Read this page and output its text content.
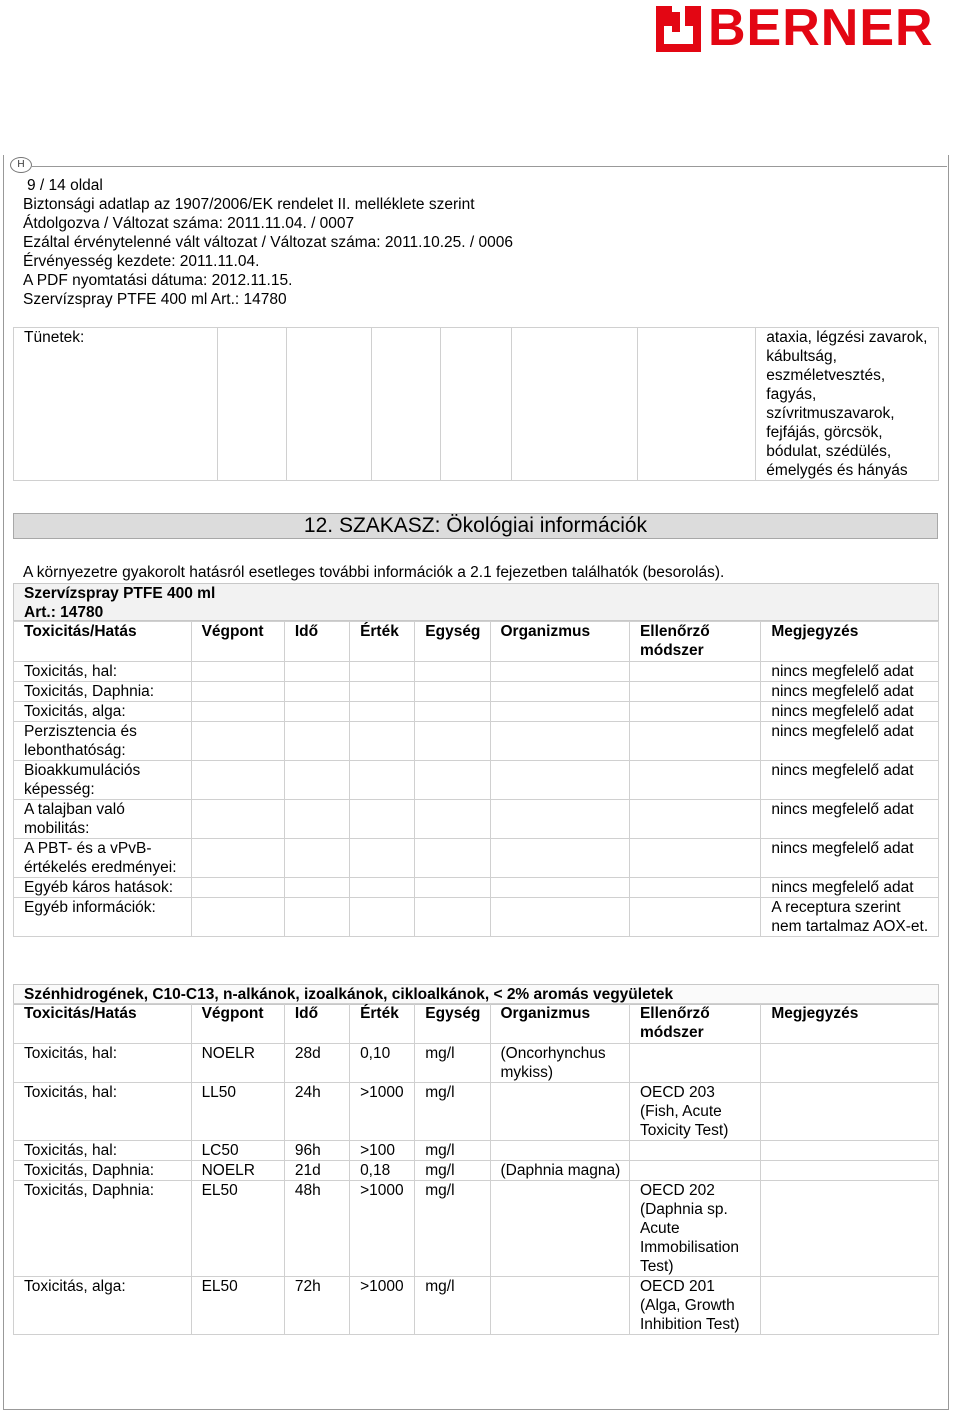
BERNER
H
9 / 14 oldal
Biztonsági adatlap az 1907/2006/EK rendelet II. melléklete szerint
Átdolgozva / Változat száma: 2011.11.04. / 0007
Ezáltal érvénytelenné vált változat / Változat száma: 2011.10.25. / 0006
Érvényesség kezdete: 2011.11.04.
A PDF nyomtatási dátuma: 2012.11.15.
Szervízspray PTFE 400 ml Art.: 14780
Tünetek:							ataxia, légzési zavarok, kábultság, eszméletvesztés, fagyás, szívritmuszavarok, fejfájás, görcsök, bódulat, szédülés, émelygés és hányás
12. SZAKASZ: Ökológiai információk
A környezetre gyakorolt hatásról esetleges további információk a 2.1 fejezetben találhatók (besorolás).
Szervízspray PTFE 400 ml
Art.: 14780
Toxicitás/Hatás	Végpont	Idő	Érték	Egység	Organizmus	Ellenőrző módszer	Megjegyzés
Toxicitás, hal:							nincs megfelelő adat
Toxicitás, Daphnia:							nincs megfelelő adat
Toxicitás, alga:							nincs megfelelő adat
Perzisztencia és lebonthatóság:							nincs megfelelő adat
Bioakkumulációs képesség:							nincs megfelelő adat
A talajban való mobilitás:							nincs megfelelő adat
A PBT- és a vPvB-értékelés eredményei:							nincs megfelelő adat
Egyéb káros hatások:							nincs megfelelő adat
Egyéb információk:							A receptura szerint nem tartalmaz AOX-et.
Szénhidrogének, C10-C13, n-alkánok, izoalkánok, cikloalkánok, < 2% aromás vegyületek
Toxicitás/Hatás	Végpont	Idő	Érték	Egység	Organizmus	Ellenőrző módszer	Megjegyzés
Toxicitás, hal:	NOELR	28d	0,10	mg/l	(Oncorhynchus mykiss)		
Toxicitás, hal:	LL50	24h	>1000	mg/l		OECD 203 (Fish, Acute Toxicity Test)	
Toxicitás, hal:	LC50	96h	>100	mg/l			
Toxicitás, Daphnia:	NOELR	21d	0,18	mg/l	(Daphnia magna)		
Toxicitás, Daphnia:	EL50	48h	>1000	mg/l		OECD 202 (Daphnia sp. Acute Immobilisation Test)	
Toxicitás, alga:	EL50	72h	>1000	mg/l		OECD 201 (Alga, Growth Inhibition Test)	
